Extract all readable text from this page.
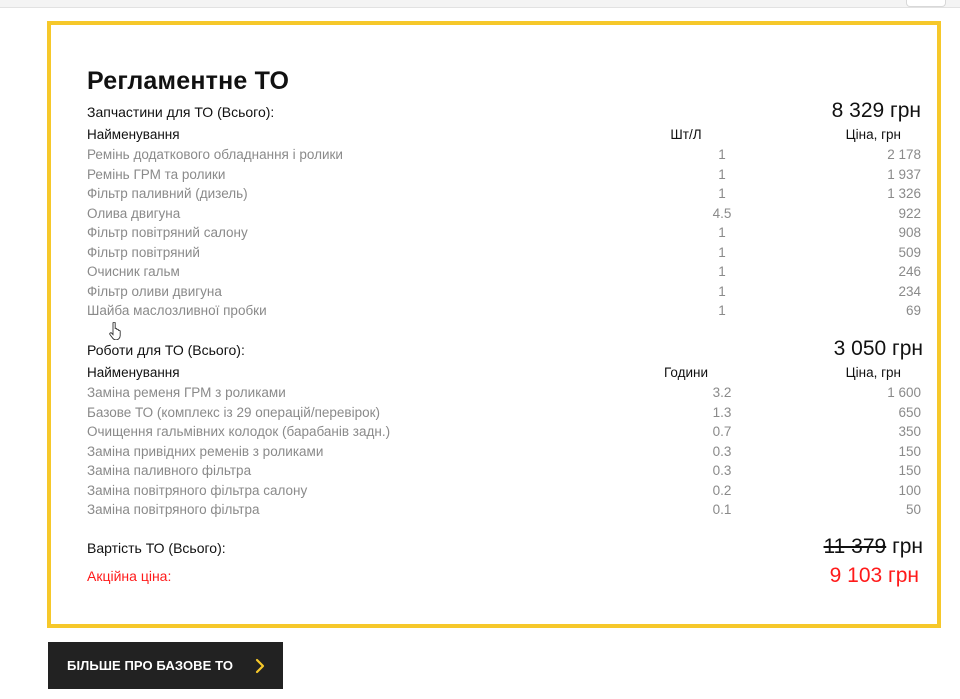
Регламентне ТО
Запчастини для ТО (Всього):	8 329 грн
Найменування	Шт/Л	Ціна, грн
Ремінь додаткового обладнання і ролики	1	2 178
Ремінь ГРМ та ролики	1	1 937
Фільтр паливний (дизель)	1	1 326
Олива двигуна	4.5	922
Фільтр повітряний салону	1	908
Фільтр повітряний	1	509
Очисник гальм	1	246
Фільтр оливи двигуна	1	234
Шайба маслозливної пробки	1	69
Роботи для ТО (Всього):	3 050 грн
Найменування	Години	Ціна, грн
Заміна ременя ГРМ з роликами	3.2	1 600
Базове ТО (комплекс із 29 операцій/перевірок)	1.3	650
Очищення гальмівних колодок (барабанів задн.)	0.7	350
Заміна привідних ременів з роликами	0.3	150
Заміна паливного фільтра	0.3	150
Заміна повітряного фільтра салону	0.2	100
Заміна повітряного фільтра	0.1	50
Вартість ТО (Всього):	11 379 грн
Акційна ціна:	9 103 грн
БІЛЬШЕ ПРО БАЗОВЕ ТО
